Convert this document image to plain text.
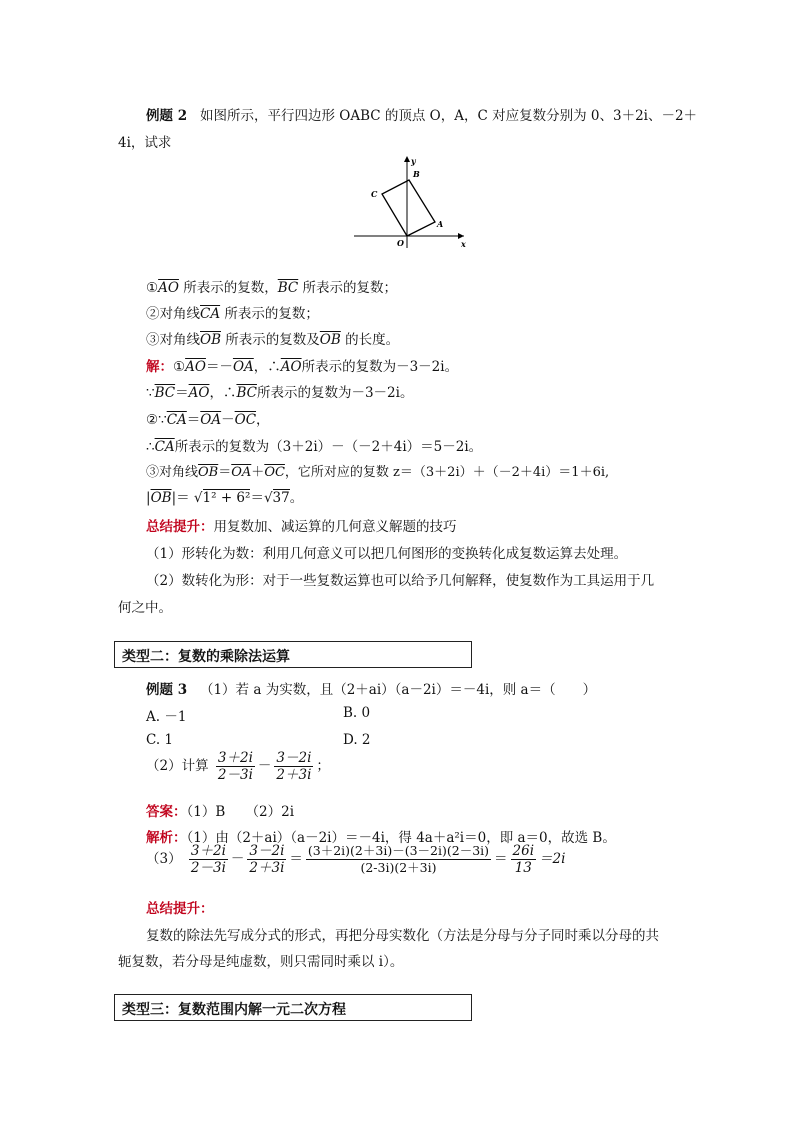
例题 2 如图所示，平行四边形 OABC 的顶点 O，A，C 对应复数分别为 0、3＋2i、－2＋
4i，试求
y
x
O
A
B
C
$①\overline{AO}$ 所表示的复数，$\overline{BC}$ 所表示的复数；
②对角线$\overline{CA}$ 所表示的复数；
③对角线$\overline{OB}$ 所表示的复数及$\overline{OB}$ 的长度。
解：$①\overline{AO}=-\overline{OA}$，$\therefore\overline{AO}$所表示的复数为－3－2i。
$\because\overline{BC}=\overline{AO}$，$\therefore\overline{BC}$所表示的复数为－3－2i。
$②\because\overline{CA}=\overline{OA}-\overline{OC}$，
$\therefore\overline{CA}$所表示的复数为（3＋2i）－（－2＋4i）＝5－2i。
③对角线$\overline{OB}=\overline{OA}+\overline{OC}$，它所对应的复数 z＝（3＋2i）＋（－2＋4i）＝1＋6i,
$|\overline{OB}|= √1^2 + 6^2=√37$。
总结提升：用复数加、减运算的几何意义解题的技巧
（1）形转化为数：利用几何意义可以把几何图形的变换转化成复数运算去处理。
（2）数转化为形：对于一些复数运算也可以给予几何解释，使复数作为工具运用于几
何之中。
类型二：复数的乘除法运算
例题 3 （1）若 a 为实数，且（2＋ai）（a－2i）＝－4i，则 a＝（　　）
A. －1	B. 0
C. 1	D. 2
（2）计算 $\frac{3+2i}{2-3i} - \frac{3-2i}{2+3i}$ ；
答案：（1）B　　（2）2i
解析：（1）由（2＋ai）（a－2i）＝－4i，得 4a＋a²i＝0，即 a＝0，故选 B。
$(3) \frac{3+2i}{2-3i} - \frac{3-2i}{2+3i} = \frac{(3+2i)(2+3i)-(3-2i)(2-3i)}{(2-3i)(2+3i)} = \frac{26i}{13} =2i$
总结提升：
复数的除法先写成分式的形式，再把分母实数化（方法是分母与分子同时乘以分母的共
轭复数，若分母是纯虚数，则只需同时乘以 i）。
类型三：复数范围内解一元二次方程
